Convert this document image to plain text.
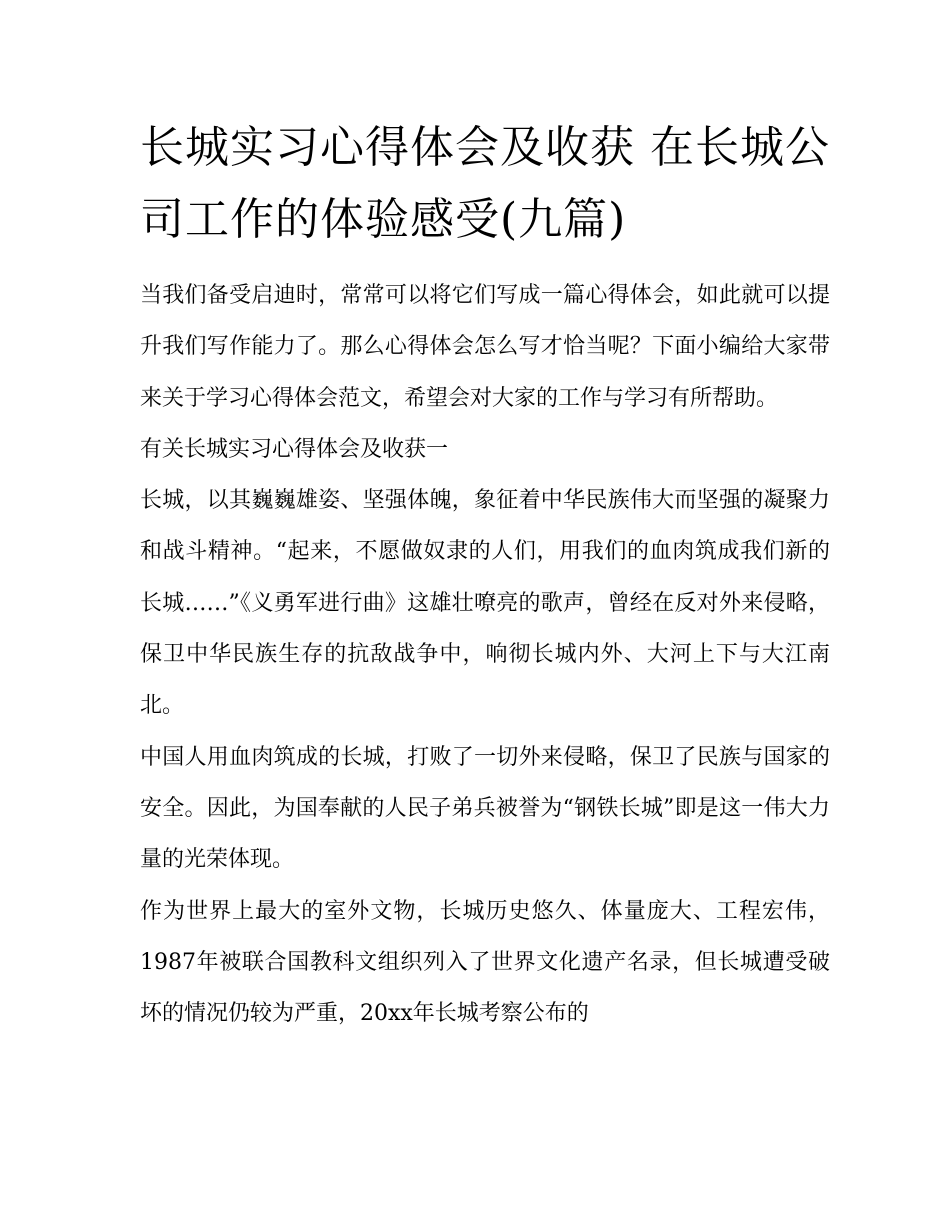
长城实习心得体会及收获 在长城公司工作的体验感受(九篇)

当我们备受启迪时，常常可以将它们写成一篇心得体会，如此就可以提升我们写作能力了。那么心得体会怎么写才恰当呢？下面小编给大家带来关于学习心得体会范文，希望会对大家的工作与学习有所帮助。

有关长城实习心得体会及收获一

长城，以其巍巍雄姿、坚强体魄，象征着中华民族伟大而坚强的凝聚力和战斗精神。“起来，不愿做奴隶的人们，用我们的血肉筑成我们新的长城……”《义勇军进行曲》这雄壮嘹亮的歌声，曾经在反对外来侵略，保卫中华民族生存的抗敌战争中，响彻长城内外、大河上下与大江南北。

中国人用血肉筑成的长城，打败了一切外来侵略，保卫了民族与国家的安全。因此，为国奉献的人民子弟兵被誉为“钢铁长城”即是这一伟大力量的光荣体现。

作为世界上最大的室外文物，长城历史悠久、体量庞大、工程宏伟，1987年被联合国教科文组织列入了世界文化遗产名录，但长城遭受破坏的情况仍较为严重，20xx年长城考察公布的
